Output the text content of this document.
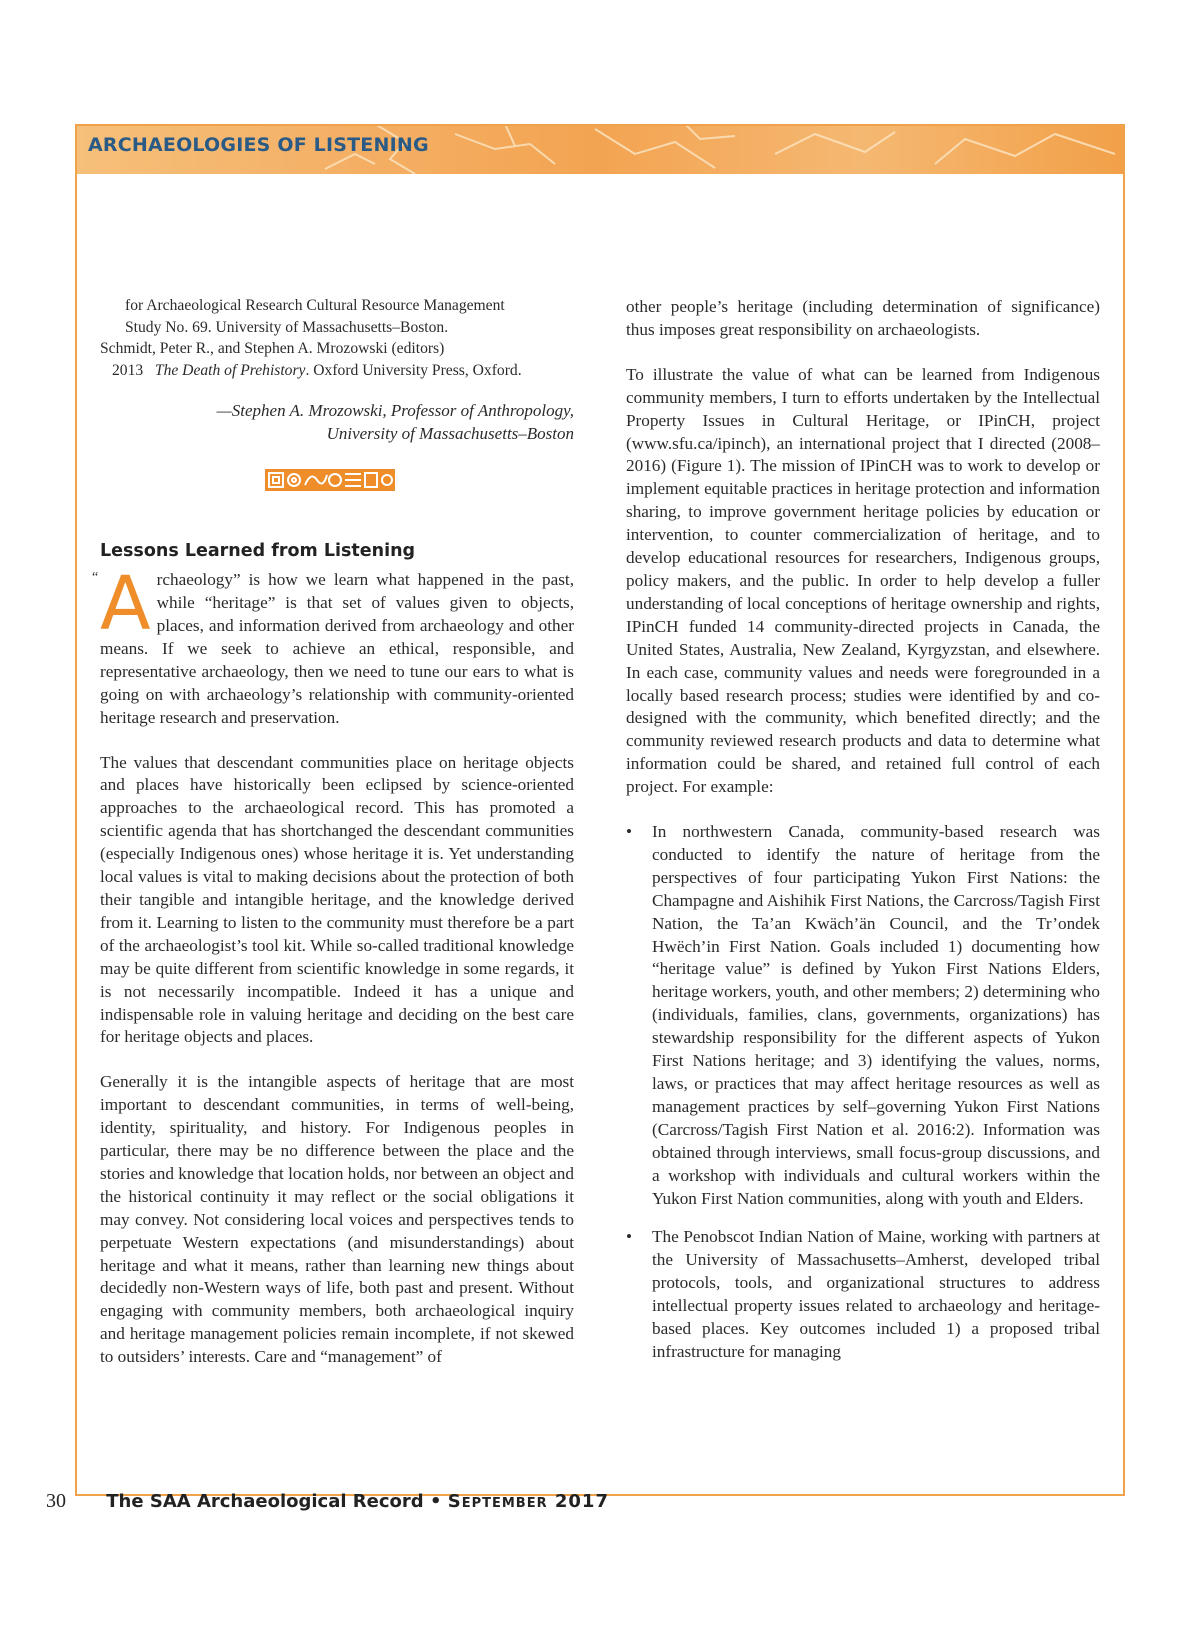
ARCHAEOLOGIES OF LISTENING

for Archaeological Research Cultural Resource Management

Study No. 69. University of Massachusetts–Boston.

Schmidt, Peter R., and Stephen A. Mrozowski (editors)

2013 The Death of Prehistory. Oxford University Press, Oxford.

—Stephen A. Mrozowski, Professor of Anthropology,
University of Massachusetts–Boston
Lessons Learned from Listening

“ A rchaeology” is how we learn what happened in the past, while “heritage” is that set of values given to objects, places, and information derived from archaeology and other means. If we seek to achieve an ethical, responsible, and representative archaeology, then we need to tune our ears to what is going on with archaeology’s relationship with community-oriented heritage research and preservation.

The values that descendant communities place on heritage objects and places have historically been eclipsed by science-oriented approaches to the archaeological record. This has promoted a scientific agenda that has shortchanged the descendant communities (especially Indigenous ones) whose heritage it is. Yet understanding local values is vital to making decisions about the protection of both their tangible and intangible heritage, and the knowledge derived from it. Learning to listen to the community must therefore be a part of the archaeologist’s tool kit. While so-called traditional knowledge may be quite different from scientific knowledge in some regards, it is not necessarily incompatible. Indeed it has a unique and indispensable role in valuing heritage and deciding on the best care for heritage objects and places.

Generally it is the intangible aspects of heritage that are most important to descendant communities, in terms of well-being, identity, spirituality, and history. For Indigenous peoples in particular, there may be no difference between the place and the stories and knowledge that location holds, nor between an object and the historical continuity it may reflect or the social obligations it may convey. Not considering local voices and perspectives tends to perpetuate Western expectations (and misunderstandings) about heritage and what it means, rather than learning new things about decidedly non-Western ways of life, both past and present. Without engaging with community members, both archaeological inquiry and heritage management policies remain incomplete, if not skewed to outsiders’ interests. Care and “management” of

other people’s heritage (including determination of significance) thus imposes great responsibility on archaeologists.

To illustrate the value of what can be learned from Indigenous community members, I turn to efforts undertaken by the Intellectual Property Issues in Cultural Heritage, or IPinCH, project (www.sfu.ca/ipinch), an international project that I directed (2008–2016) (Figure 1). The mission of IPinCH was to work to develop or implement equitable practices in heritage protection and information sharing, to improve government heritage policies by education or intervention, to counter commercialization of heritage, and to develop educational resources for researchers, Indigenous groups, policy makers, and the public. In order to help develop a fuller understanding of local conceptions of heritage ownership and rights, IPinCH funded 14 community-directed projects in Canada, the United States, Australia, New Zealand, Kyrgyzstan, and elsewhere. In each case, community values and needs were foregrounded in a locally based research process; studies were identified by and co-designed with the community, which benefited directly; and the community reviewed research products and data to determine what information could be shared, and retained full control of each project. For example:

• In northwestern Canada, community-based research was conducted to identify the nature of heritage from the perspectives of four participating Yukon First Nations: the Champagne and Aishihik First Nations, the Carcross/Tagish First Nation, the Ta’an Kwäch’än Council, and the Tr’ondek Hwëch’in First Nation. Goals included 1) documenting how “heritage value” is defined by Yukon First Nations Elders, heritage workers, youth, and other members; 2) determining who (individuals, families, clans, governments, organizations) has stewardship responsibility for the different aspects of Yukon First Nations heritage; and 3) identifying the values, norms, laws, or practices that may affect heritage resources as well as management practices by self–governing Yukon First Nations (Carcross/Tagish First Nation et al. 2016:2). Information was obtained through interviews, small focus-group discussions, and a workshop with individuals and cultural workers within the Yukon First Nation communities, along with youth and Elders.
• The Penobscot Indian Nation of Maine, working with partners at the University of Massachusetts–Amherst, developed tribal protocols, tools, and organizational structures to address intellectual property issues related to archaeology and heritage-based places. Key outcomes included 1) a proposed tribal infrastructure for managing
30 The SAA Archaeological Record • September 2017
